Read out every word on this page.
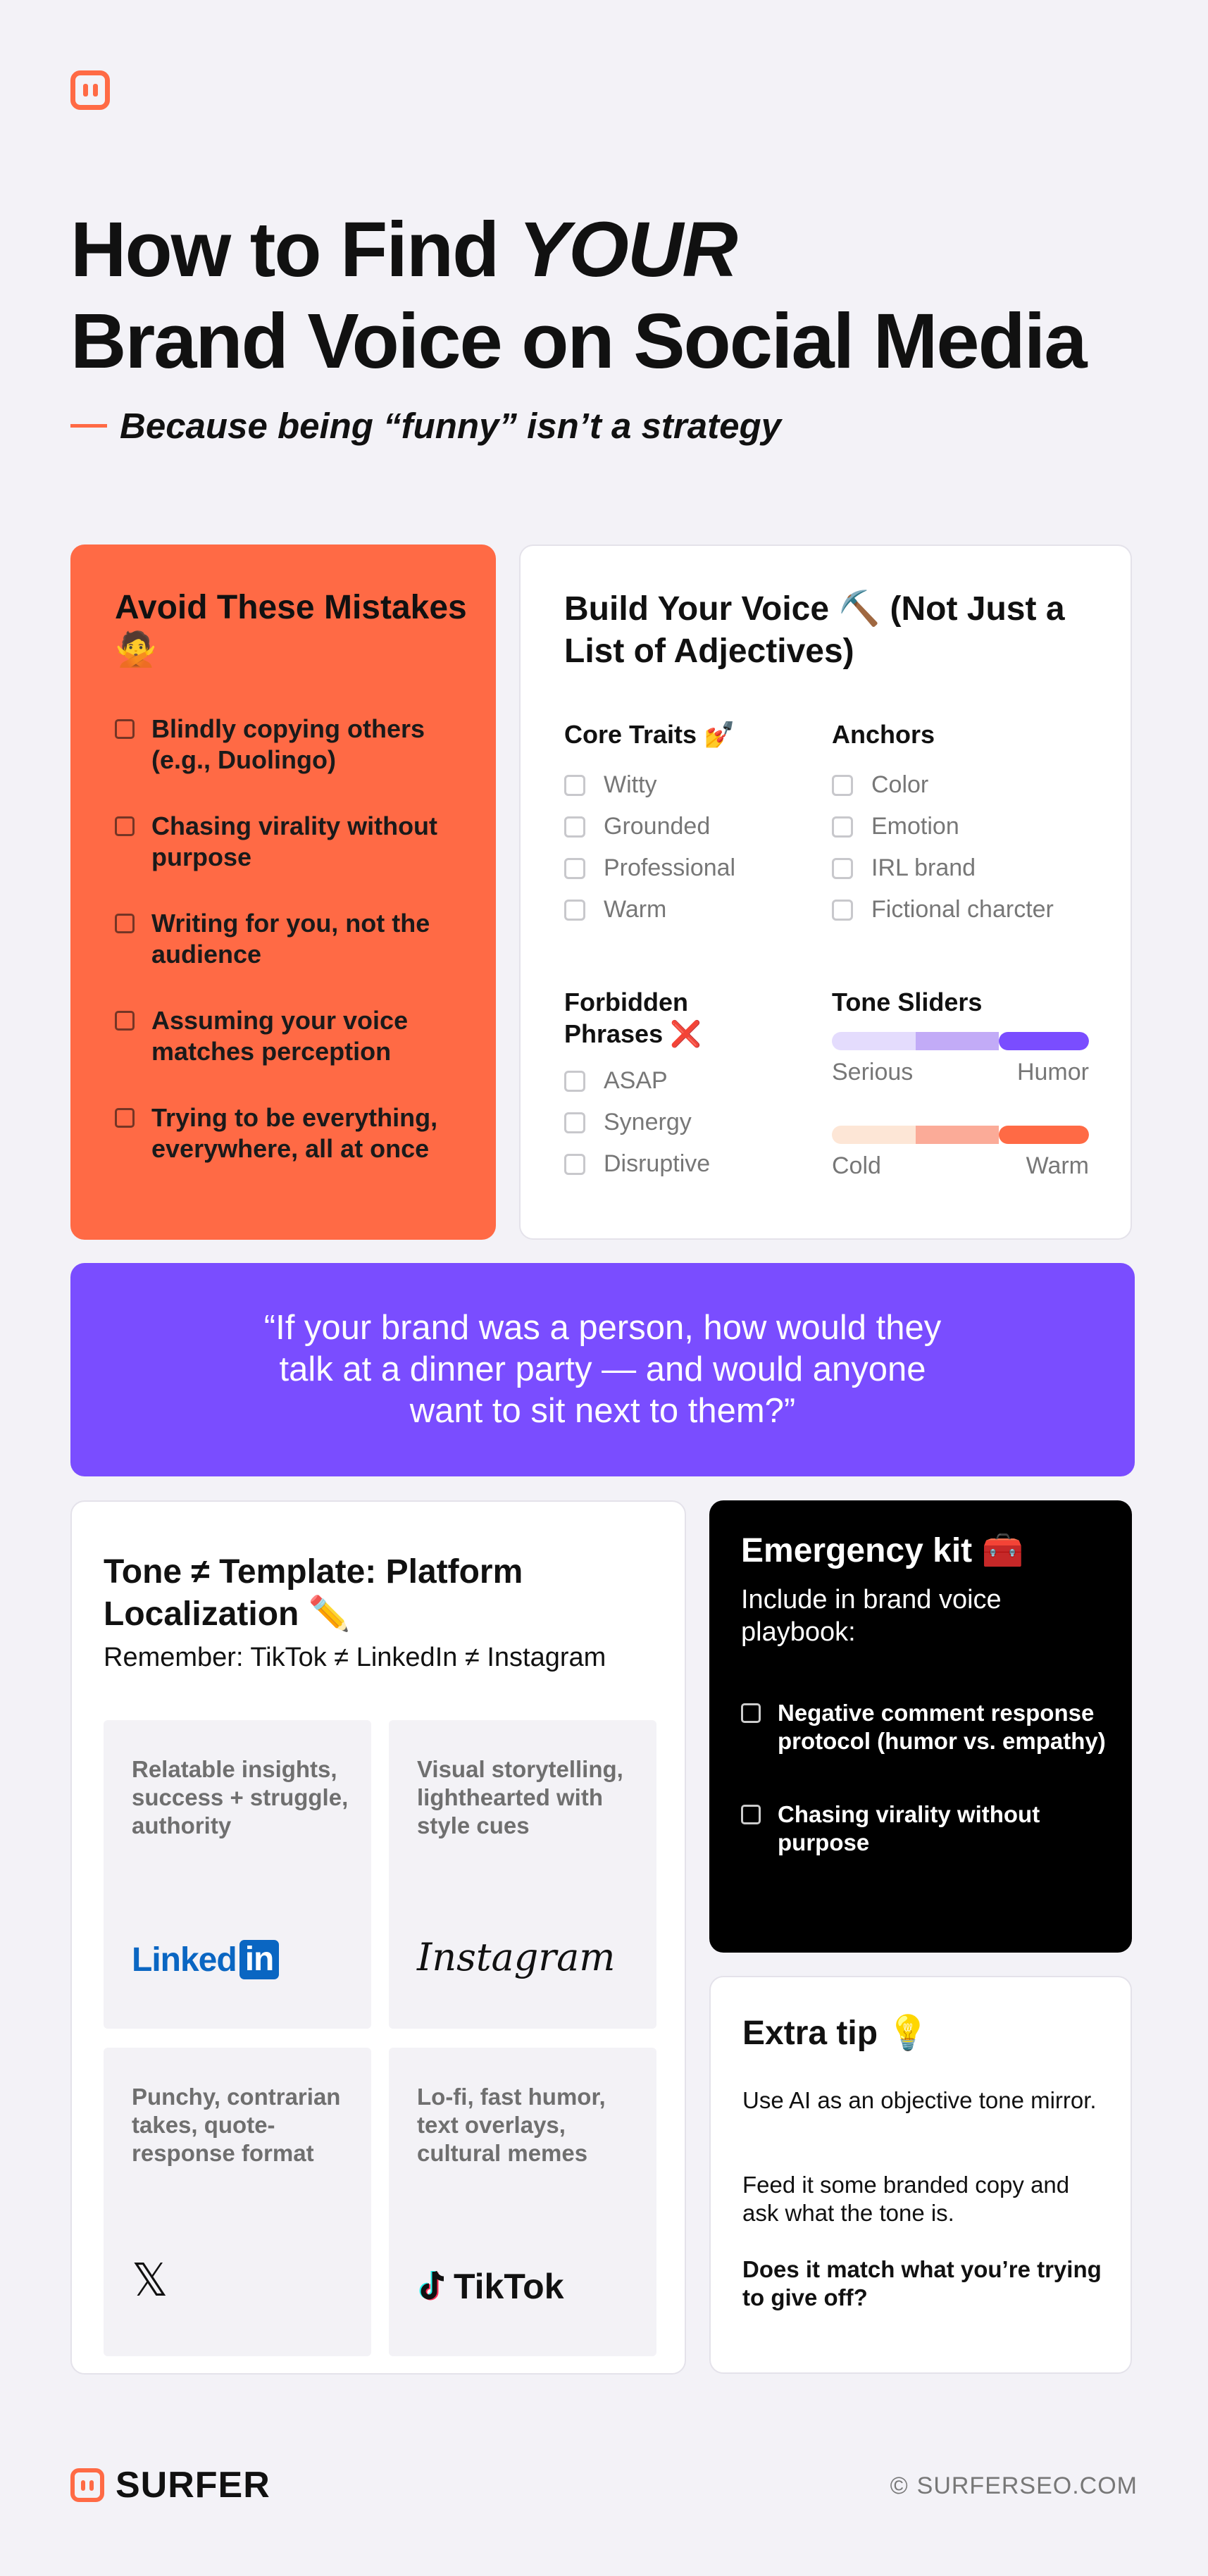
How to Find YOUR
Brand Voice on Social Media
Because being “funny” isn’t a strategy
Avoid These Mistakes 🙅
Blindly copying others (e.g., Duolingo)
Chasing virality without purpose
Writing for you, not the audience
Assuming your voice matches perception
Trying to be everything, everywhere, all at once
Build Your Voice ⛏️ (Not Just a List of Adjectives)
Core Traits 💅
Witty
Grounded
Professional
Warm
Anchors
Color
Emotion
IRL brand
Fictional charcter
Forbidden Phrases ❌
ASAP
Synergy
Disruptive
Tone Sliders
Serious	Humor
Cold	Warm

“If your brand was a person, how would they talk at a dinner party — and would anyone want to sit next to them?”

Tone ≠ Template: Platform Localization ✏️
Remember: TikTok ≠ LinkedIn ≠ Instagram

Relatable insights, success + struggle, authority

Linked in

Visual storytelling, lighthearted with style cues

Instagram

Punchy, contrarian takes, quote-response format

𝕏

Lo-fi, fast humor, text overlays, cultural memes

TikTok
Emergency kit 🧰
Include in brand voice playbook:
Negative comment response protocol (humor vs. empathy)
Chasing virality without purpose
Extra tip 💡
Use AI as an objective tone mirror.
Feed it some branded copy and ask what the tone is.
Does it match what you’re trying to give off?
SURFER	© SURFERSEO.COM
